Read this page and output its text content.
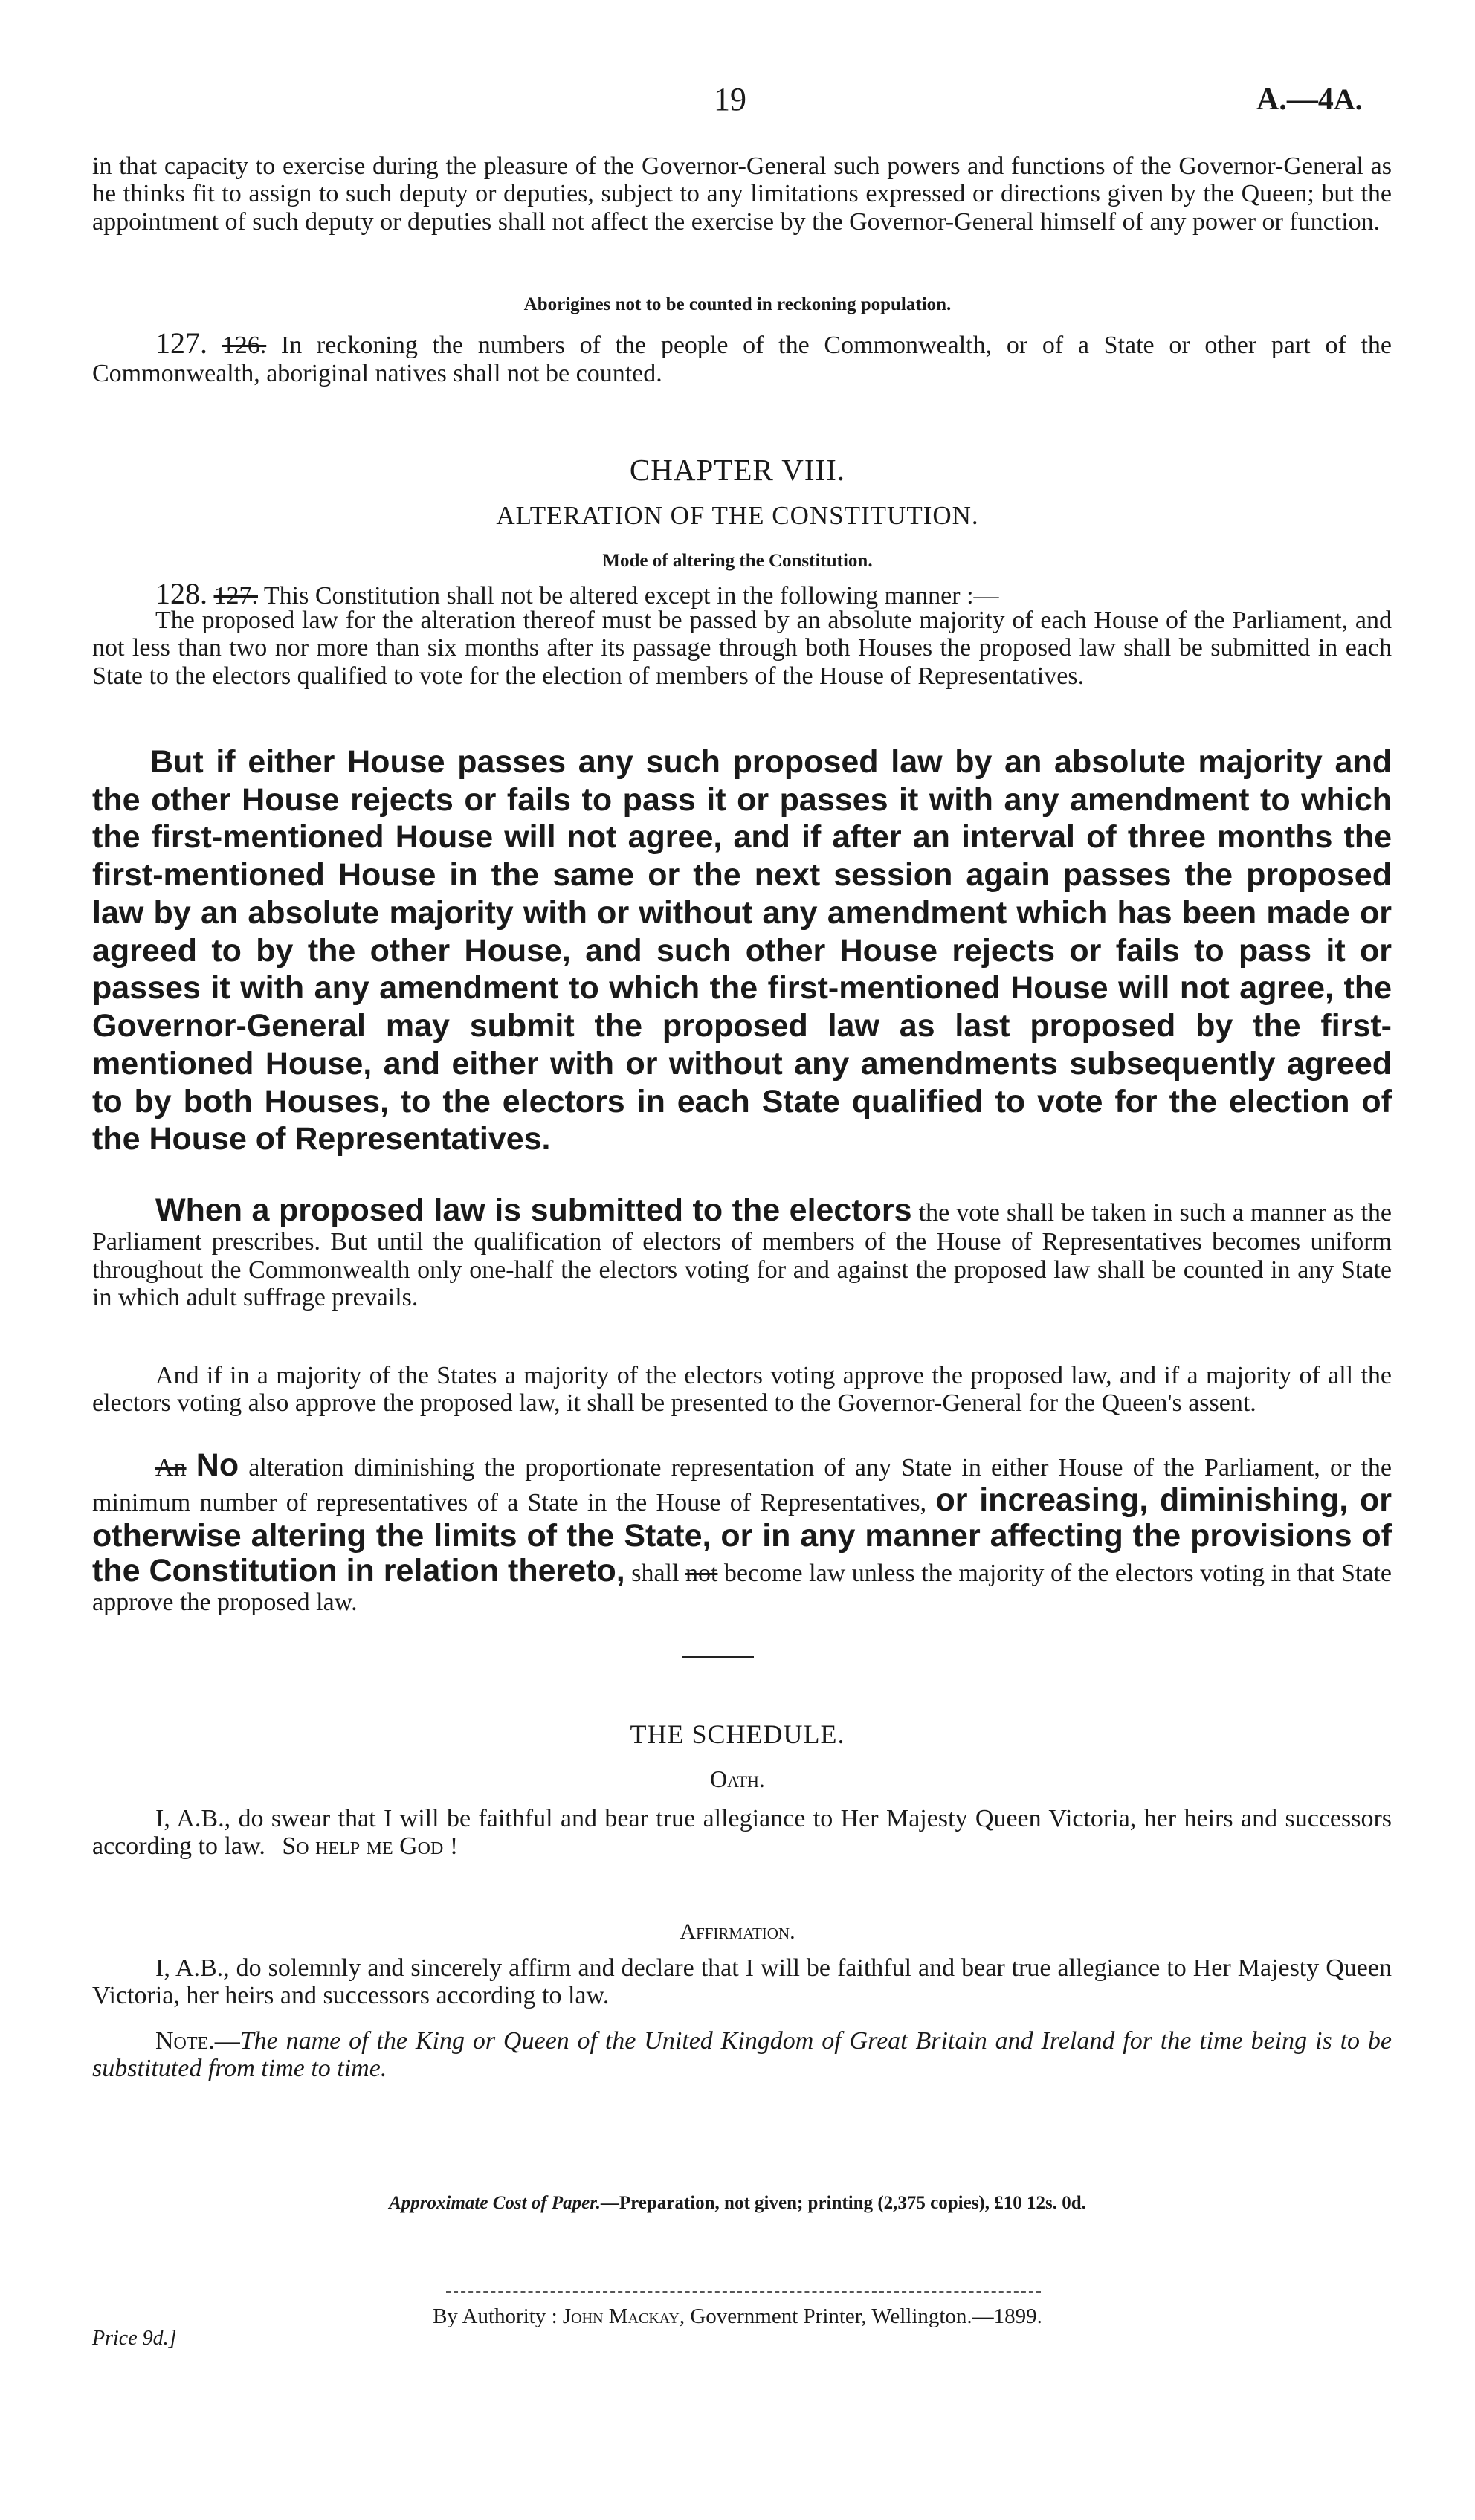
19	A.—4A.
in that capacity to exercise during the pleasure of the Governor-General such powers and functions of the Governor-General as he thinks fit to assign to such deputy or deputies, subject to any limitations expressed or directions given by the Queen; but the appointment of such deputy or deputies shall not affect the exercise by the Governor-General himself of any power or function.
Aborigines not to be counted in reckoning population.
127. 126. In reckoning the numbers of the people of the Commonwealth, or of a State or other part of the Commonwealth, aboriginal natives shall not be counted.
CHAPTER VIII.
ALTERATION OF THE CONSTITUTION.
Mode of altering the Constitution.
128. 127. This Constitution shall not be altered except in the following manner :—
The proposed law for the alteration thereof must be passed by an absolute majority of each House of the Parliament, and not less than two nor more than six months after its passage through both Houses the proposed law shall be submitted in each State to the electors qualified to vote for the election of members of the House of Representatives.
But if either House passes any such proposed law by an absolute majority and the other House rejects or fails to pass it or passes it with any amendment to which the first-mentioned House will not agree, and if after an interval of three months the first-mentioned House in the same or the next session again passes the proposed law by an absolute majority with or without any amendment which has been made or agreed to by the other House, and such other House rejects or fails to pass it or passes it with any amendment to which the first-mentioned House will not agree, the Governor-General may submit the proposed law as last proposed by the first-mentioned House, and either with or without any amendments subsequently agreed to by both Houses, to the electors in each State qualified to vote for the election of the House of Representatives.
When a proposed law is submitted to the electors the vote shall be taken in such a manner as the Parliament prescribes. But until the qualification of electors of members of the House of Representatives becomes uniform throughout the Commonwealth only one-half the electors voting for and against the proposed law shall be counted in any State in which adult suffrage prevails.
And if in a majority of the States a majority of the electors voting approve the proposed law, and if a majority of all the electors voting also approve the proposed law, it shall be presented to the Governor-General for the Queen's assent.
An No alteration diminishing the proportionate representation of any State in either House of the Parliament, or the minimum number of representatives of a State in the House of Representatives, or increasing, diminishing, or otherwise altering the limits of the State, or in any manner affecting the provisions of the Constitution in relation thereto, shall not become law unless the majority of the electors voting in that State approve the proposed law.
THE SCHEDULE.
Oath.
I, A.B., do swear that I will be faithful and bear true allegiance to Her Majesty Queen Victoria, her heirs and successors according to law. So help me God !
Affirmation.
I, A.B., do solemnly and sincerely affirm and declare that I will be faithful and bear true allegiance to Her Majesty Queen Victoria, her heirs and successors according to law.
Note.—The name of the King or Queen of the United Kingdom of Great Britain and Ireland for the time being is to be substituted from time to time.
Approximate Cost of Paper.—Preparation, not given; printing (2,375 copies), £10 12s. 0d.
By Authority : John Mackay, Government Printer, Wellington.—1899.
Price 9d.]
